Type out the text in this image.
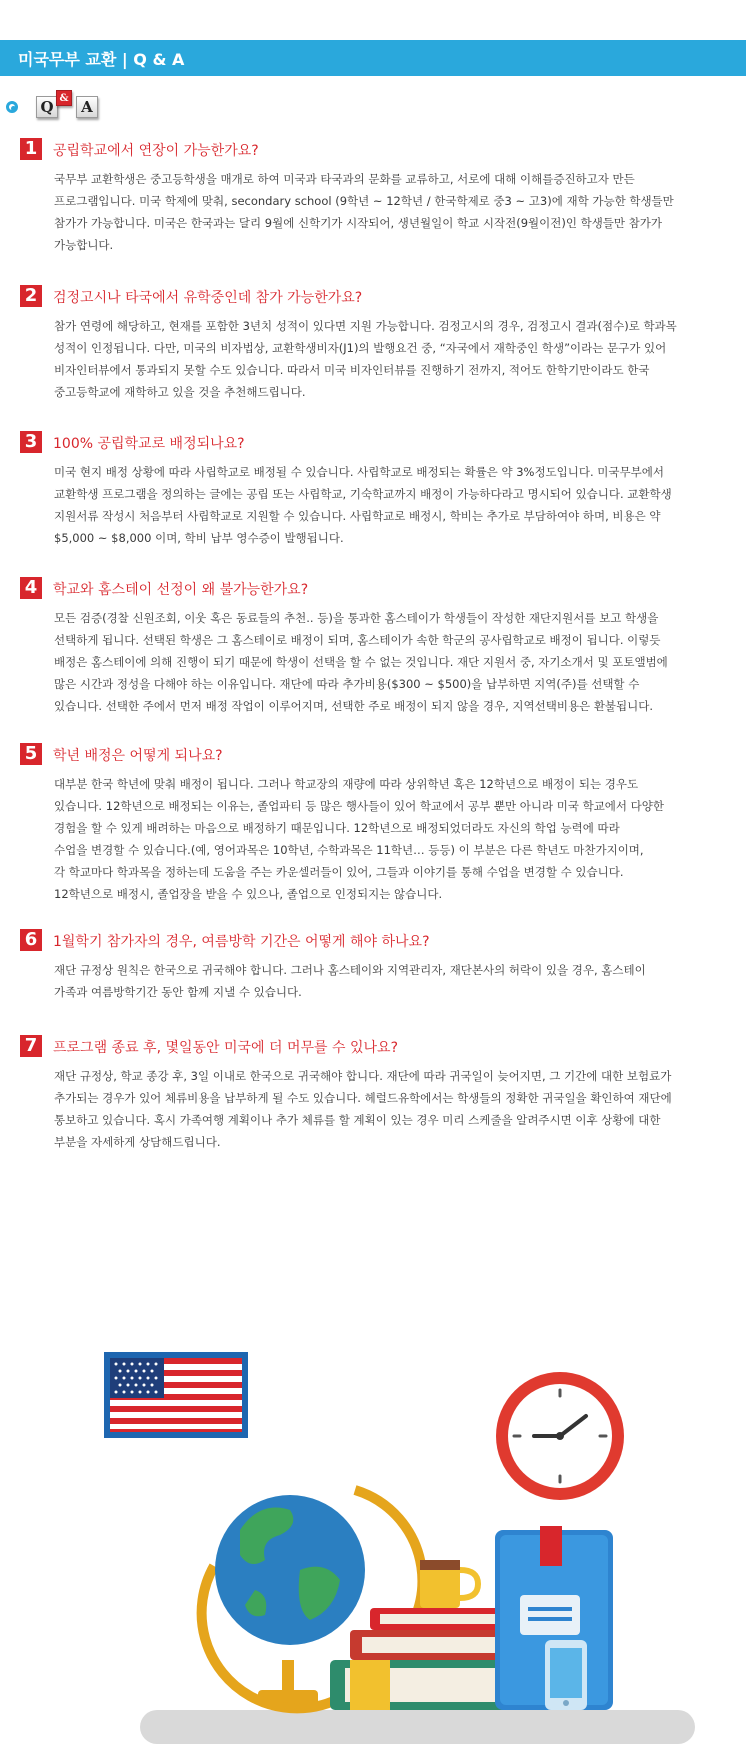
미국무부 교환 | Q & A
Q & A
1	공립학교에서 연장이 가능한가요?
국무부 교환학생은 중고등학생을 매개로 하여 미국과 타국과의 문화를 교류하고, 서로에 대해 이해를증진하고자 만든
프로그램입니다. 미국 학제에 맞춰, secondary school (9학년 ~ 12학년 / 한국학제로 중3 ~ 고3)에 재학 가능한 학생들만
참가가 가능합니다. 미국은 한국과는 달리 9월에 신학기가 시작되어, 생년월일이 학교 시작전(9월이전)인 학생들만 참가가
가능합니다.
2	검정고시나 타국에서 유학중인데 참가 가능한가요?
참가 연령에 해당하고, 현재를 포함한 3년치 성적이 있다면 지원 가능합니다. 검정고시의 경우, 검정고시 결과(점수)로 학과목
성적이 인정됩니다. 다만, 미국의 비자법상, 교환학생비자(J1)의 발행요건 중, “자국에서 재학중인 학생”이라는 문구가 있어
비자인터뷰에서 통과되지 못할 수도 있습니다. 따라서 미국 비자인터뷰를 진행하기 전까지, 적어도 한학기만이라도 한국
중고등학교에 재학하고 있을 것을 추천해드립니다.
3	100% 공립학교로 배정되나요?
미국 현지 배정 상황에 따라 사립학교로 배정될 수 있습니다. 사립학교로 배정되는 확률은 약 3%정도입니다. 미국무부에서
교환학생 프로그램을 정의하는 글에는 공립 또는 사립학교, 기숙학교까지 배정이 가능하다라고 명시되어 있습니다. 교환학생
지원서류 작성시 처음부터 사립학교로 지원할 수 있습니다. 사립학교로 배정시, 학비는 추가로 부담하여야 하며, 비용은 약
$5,000 ~ $8,000 이며, 학비 납부 영수증이 발행됩니다.
4	학교와 홈스테이 선정이 왜 불가능한가요?
모든 검증(경찰 신원조회, 이웃 혹은 동료들의 추천.. 등)을 통과한 홈스테이가 학생들이 작성한 재단지원서를 보고 학생을
선택하게 됩니다. 선택된 학생은 그 홈스테이로 배정이 되며, 홈스테이가 속한 학군의 공사립학교로 배정이 됩니다. 이렇듯
배정은 홈스테이에 의해 진행이 되기 때문에 학생이 선택을 할 수 없는 것입니다. 재단 지원서 중, 자기소개서 및 포토앨범에
많은 시간과 정성을 다해야 하는 이유입니다. 재단에 따라 추가비용($300 ~ $500)을 납부하면 지역(주)를 선택할 수
있습니다. 선택한 주에서 먼저 배정 작업이 이루어지며, 선택한 주로 배정이 되지 않을 경우, 지역선택비용은 환불됩니다.
5	학년 배정은 어떻게 되나요?
대부분 한국 학년에 맞춰 배정이 됩니다. 그러나 학교장의 재량에 따라 상위학년 혹은 12학년으로 배정이 되는 경우도
있습니다. 12학년으로 배정되는 이유는, 졸업파티 등 많은 행사들이 있어 학교에서 공부 뿐만 아니라 미국 학교에서 다양한
경험을 할 수 있게 배려하는 마음으로 배정하기 때문입니다. 12학년으로 배정되었더라도 자신의 학업 능력에 따라
수업을 변경할 수 있습니다.(예, 영어과목은 10학년, 수학과목은 11학년… 등등) 이 부분은 다른 학년도 마찬가지이며,
각 학교마다 학과목을 정하는데 도움을 주는 카운셀러들이 있어, 그들과 이야기를 통해 수업을 변경할 수 있습니다.
12학년으로 배정시, 졸업장을 받을 수 있으나, 졸업으로 인정되지는 않습니다.
6	1월학기 참가자의 경우, 여름방학 기간은 어떻게 해야 하나요?
재단 규정상 원칙은 한국으로 귀국해야 합니다. 그러나 홈스테이와 지역관리자, 재단본사의 허락이 있을 경우, 홈스테이
가족과 여름방학기간 동안 함께 지낼 수 있습니다.
7	프로그램 종료 후, 몇일동안 미국에 더 머무를 수 있나요?
재단 규정상, 학교 종강 후, 3일 이내로 한국으로 귀국해야 합니다. 재단에 따라 귀국일이 늦어지면, 그 기간에 대한 보험료가
추가되는 경우가 있어 체류비용을 납부하게 될 수도 있습니다. 헤럴드유학에서는 학생들의 정확한 귀국일을 확인하여 재단에
통보하고 있습니다. 혹시 가족여행 계획이나 추가 체류를 할 계획이 있는 경우 미리 스케줄을 알려주시면 이후 상황에 대한
부분을 자세하게 상담해드립니다.
